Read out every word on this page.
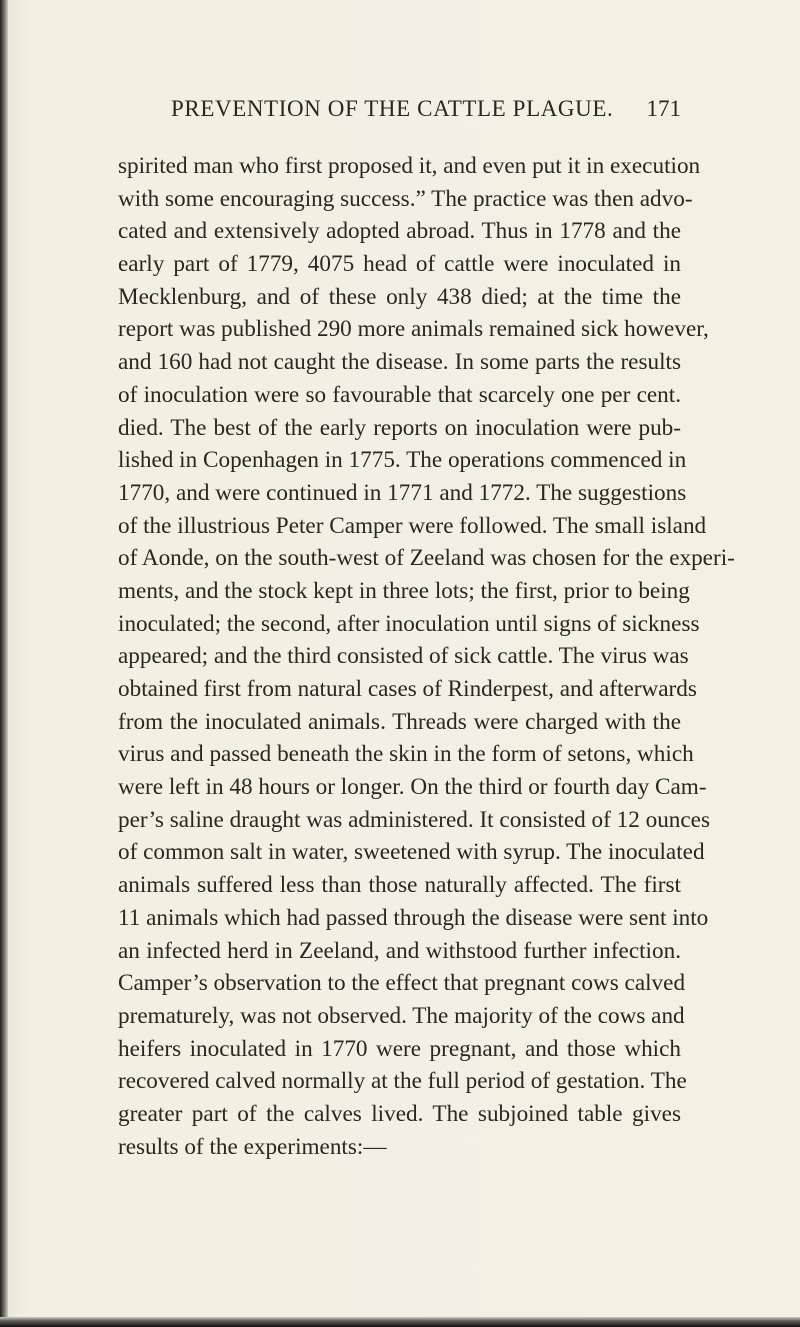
PREVENTION OF THE CATTLE PLAGUE. 171
spirited man who first proposed it, and even put it in execution
with some encouraging success.” The practice was then advo-
cated and extensively adopted abroad. Thus in 1778 and the
early part of 1779, 4075 head of cattle were inoculated in
Mecklenburg, and of these only 438 died; at the time the
report was published 290 more animals remained sick however,
and 160 had not caught the disease. In some parts the results
of inoculation were so favourable that scarcely one per cent.
died. The best of the early reports on inoculation were pub-
lished in Copenhagen in 1775. The operations commenced in
1770, and were continued in 1771 and 1772. The suggestions
of the illustrious Peter Camper were followed. The small island
of Aonde, on the south-west of Zeeland was chosen for the experi-
ments, and the stock kept in three lots; the first, prior to being
inoculated; the second, after inoculation until signs of sickness
appeared; and the third consisted of sick cattle. The virus was
obtained first from natural cases of Rinderpest, and afterwards
from the inoculated animals. Threads were charged with the
virus and passed beneath the skin in the form of setons, which
were left in 48 hours or longer. On the third or fourth day Cam-
per’s saline draught was administered. It consisted of 12 ounces
of common salt in water, sweetened with syrup. The inoculated
animals suffered less than those naturally affected. The first
11 animals which had passed through the disease were sent into
an infected herd in Zeeland, and withstood further infection.
Camper’s observation to the effect that pregnant cows calved
prematurely, was not observed. The majority of the cows and
heifers inoculated in 1770 were pregnant, and those which
recovered calved normally at the full period of gestation. The
greater part of the calves lived. The subjoined table gives
results of the experiments:—
